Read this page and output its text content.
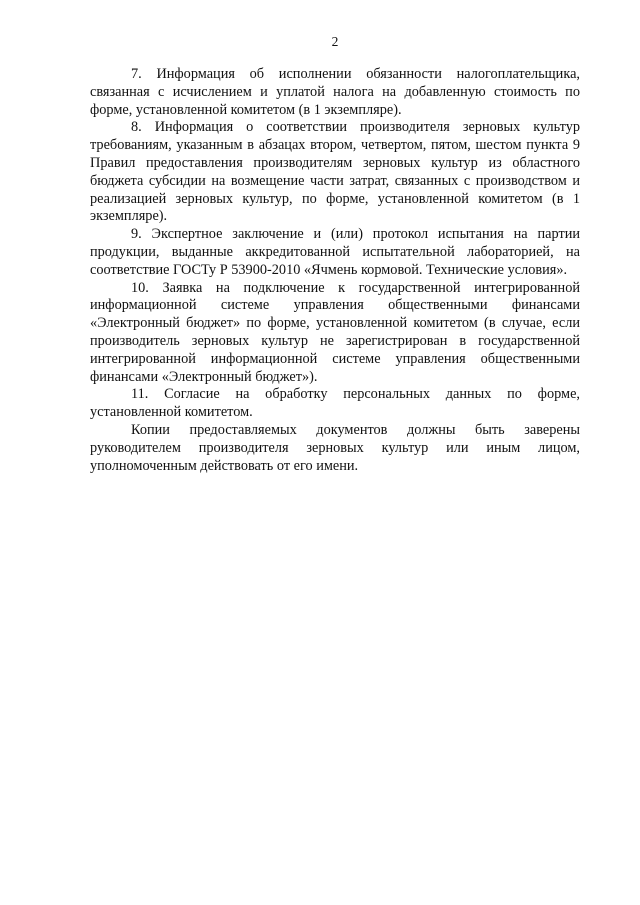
2

7. Информация об исполнении обязанности налогоплательщика, связанная с исчислением и уплатой налога на добавленную стоимость по форме, установленной комитетом (в 1 экземпляре).

8. Информация о соответствии производителя зерновых культур требованиям, указанным в абзацах втором, четвертом, пятом, шестом пункта 9 Правил предоставления производителям зерновых культур из областного бюджета субсидии на возмещение части затрат, связанных с производством и реализацией зерновых культур, по форме, установленной комитетом (в 1 экземпляре).

9. Экспертное заключение и (или) протокол испытания на партии продукции, выданные аккредитованной испытательной лабораторией, на соответствие ГОСТу Р 53900-2010 «Ячмень кормовой. Технические условия».

10. Заявка на подключение к государственной интегрированной информационной системе управления общественными финансами «Электронный бюджет» по форме, установленной комитетом (в случае, если производитель зерновых культур не зарегистрирован в государственной интегрированной информационной системе управления общественными финансами «Электронный бюджет»).

11. Согласие на обработку персональных данных по форме, установленной комитетом.

Копии предоставляемых документов должны быть заверены руководителем производителя зерновых культур или иным лицом, уполномоченным действовать от его имени.
